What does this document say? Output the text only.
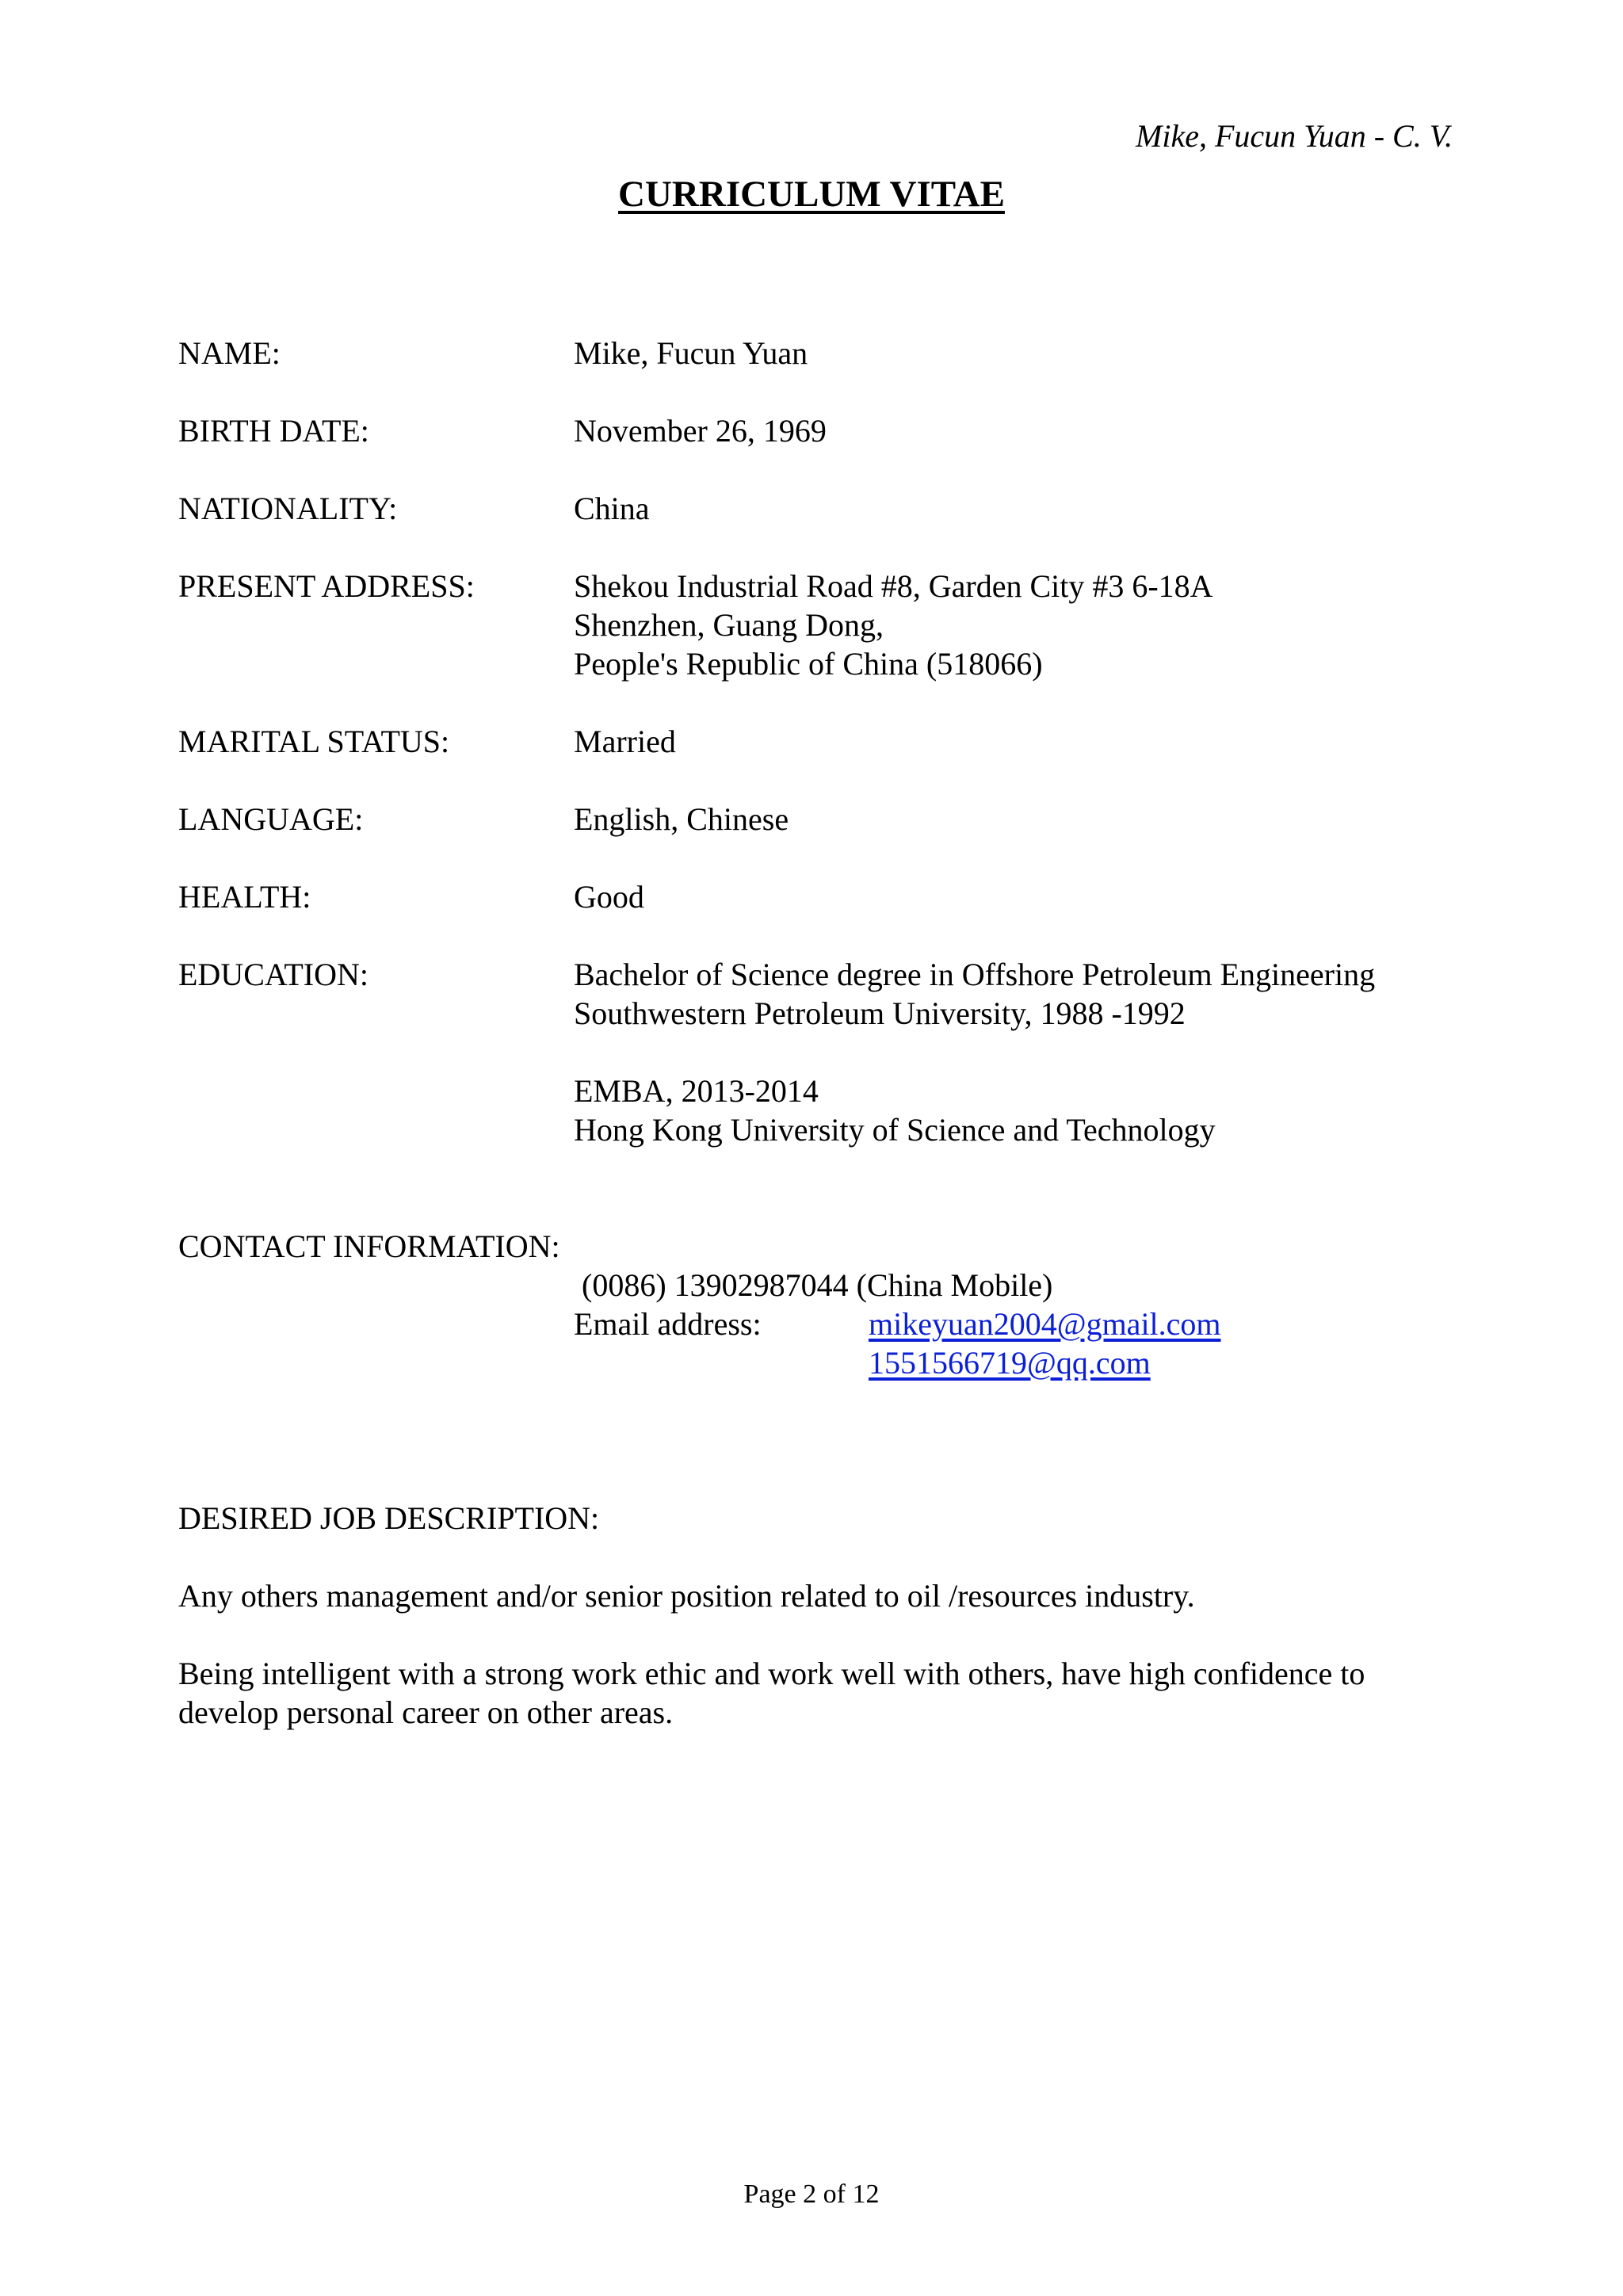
Mike, Fucun Yuan - C. V.
CURRICULUM VITAE
NAME:	Mike, Fucun Yuan
BIRTH DATE:	November 26, 1969
NATIONALITY:	China
PRESENT ADDRESS:	Shekou Industrial Road #8, Garden City #3 6-18A
Shenzhen, Guang Dong,
People's Republic of China (518066)
MARITAL STATUS:	Married
LANGUAGE:	English, Chinese
HEALTH:	Good
EDUCATION:	Bachelor of Science degree in Offshore Petroleum Engineering
Southwestern Petroleum University, 1988 -1992
EMBA, 2013-2014
Hong Kong University of Science and Technology
CONTACT INFORMATION:
(0086) 13902987044 (China Mobile)
Email address:	mikeyuan2004@gmail.com
1551566719@qq.com
DESIRED JOB DESCRIPTION:
Any others management and/or senior position related to oil /resources industry.
Being intelligent with a strong work ethic and work well with others, have high confidence to
develop personal career on other areas.
Page 2 of 12
